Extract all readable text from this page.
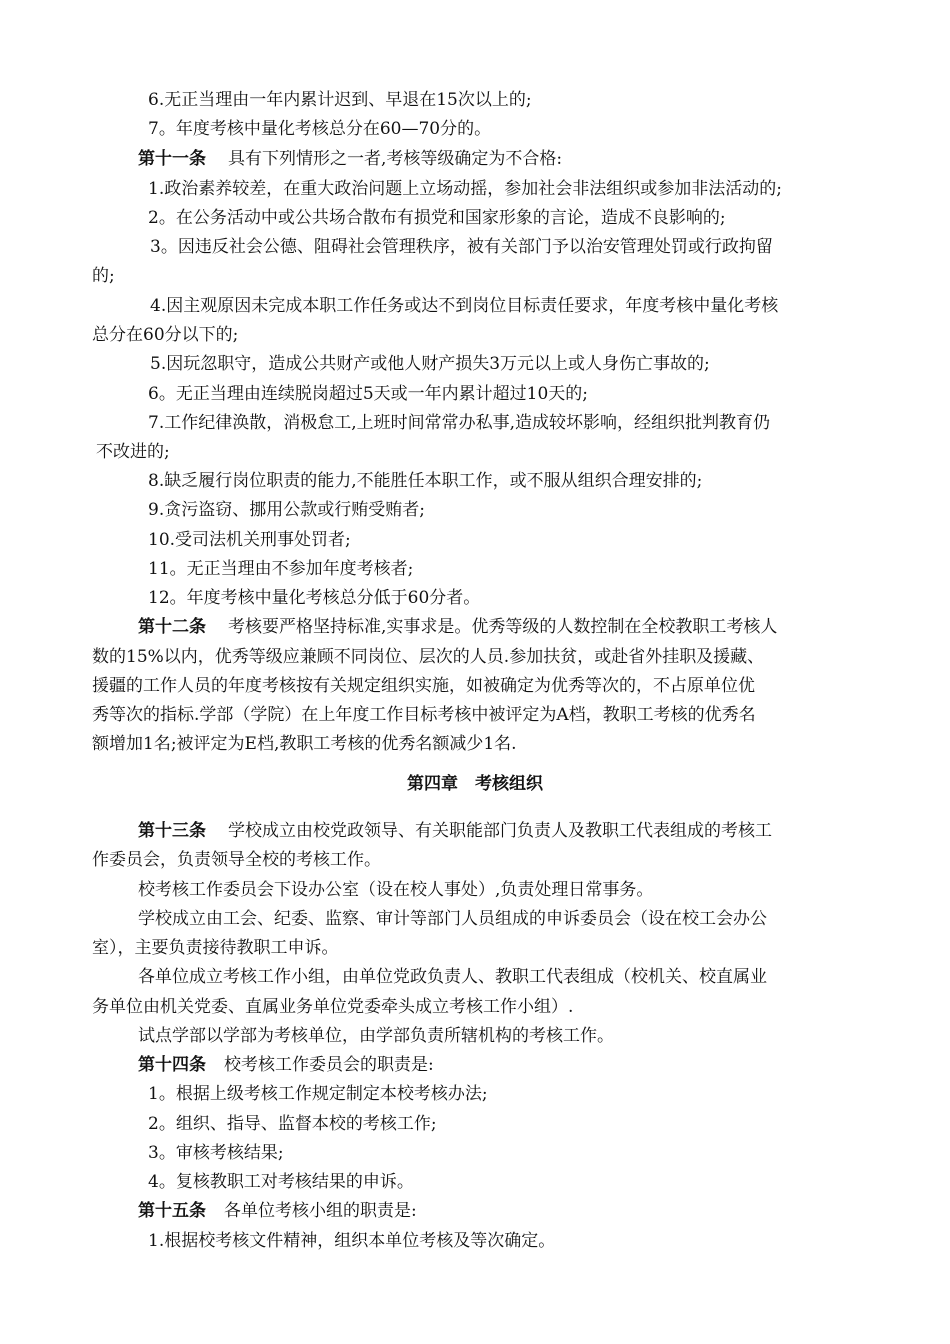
6.无正当理由一年内累计迟到、早退在15次以上的;
7。年度考核中量化考核总分在60—70分的。
第十一条 具有下列情形之一者,考核等级确定为不合格:
1.政治素养较差，在重大政治问题上立场动摇，参加社会非法组织或参加非法活动的;
2。在公务活动中或公共场合散布有损党和国家形象的言论，造成不良影响的;
3。因违反社会公德、阻碍社会管理秩序，被有关部门予以治安管理处罚或行政拘留
的;
4.因主观原因未完成本职工作任务或达不到岗位目标责任要求，年度考核中量化考核
总分在60分以下的;
5.因玩忽职守，造成公共财产或他人财产损失3万元以上或人身伤亡事故的;
6。无正当理由连续脱岗超过5天或一年内累计超过10天的;
7.工作纪律涣散，消极怠工,上班时间常常办私事,造成较坏影响，经组织批判教育仍
不改进的;
8.缺乏履行岗位职责的能力,不能胜任本职工作，或不服从组织合理安排的;
9.贪污盗窃、挪用公款或行贿受贿者;
10.受司法机关刑事处罚者;
11。无正当理由不参加年度考核者;
12。年度考核中量化考核总分低于60分者。
第十二条 考核要严格坚持标准,实事求是。优秀等级的人数控制在全校教职工考核人
数的15%以内，优秀等级应兼顾不同岗位、层次的人员.参加扶贫，或赴省外挂职及援藏、
援疆的工作人员的年度考核按有关规定组织实施，如被确定为优秀等次的，不占原单位优
秀等次的指标.学部（学院）在上年度工作目标考核中被评定为A档，教职工考核的优秀名
额增加1名;被评定为E档,教职工考核的优秀名额减少1名.
第四章　考核组织
第十三条 学校成立由校党政领导、有关职能部门负责人及教职工代表组成的考核工
作委员会，负责领导全校的考核工作。
校考核工作委员会下设办公室（设在校人事处）,负责处理日常事务。
学校成立由工会、纪委、监察、审计等部门人员组成的申诉委员会（设在校工会办公
室），主要负责接待教职工申诉。
各单位成立考核工作小组，由单位党政负责人、教职工代表组成（校机关、校直属业
务单位由机关党委、直属业务单位党委牵头成立考核工作小组）.
试点学部以学部为考核单位，由学部负责所辖机构的考核工作。
第十四条 校考核工作委员会的职责是:
1。根据上级考核工作规定制定本校考核办法;
2。组织、指导、监督本校的考核工作;
3。审核考核结果;
4。复核教职工对考核结果的申诉。
第十五条 各单位考核小组的职责是:
1.根据校考核文件精神，组织本单位考核及等次确定。
